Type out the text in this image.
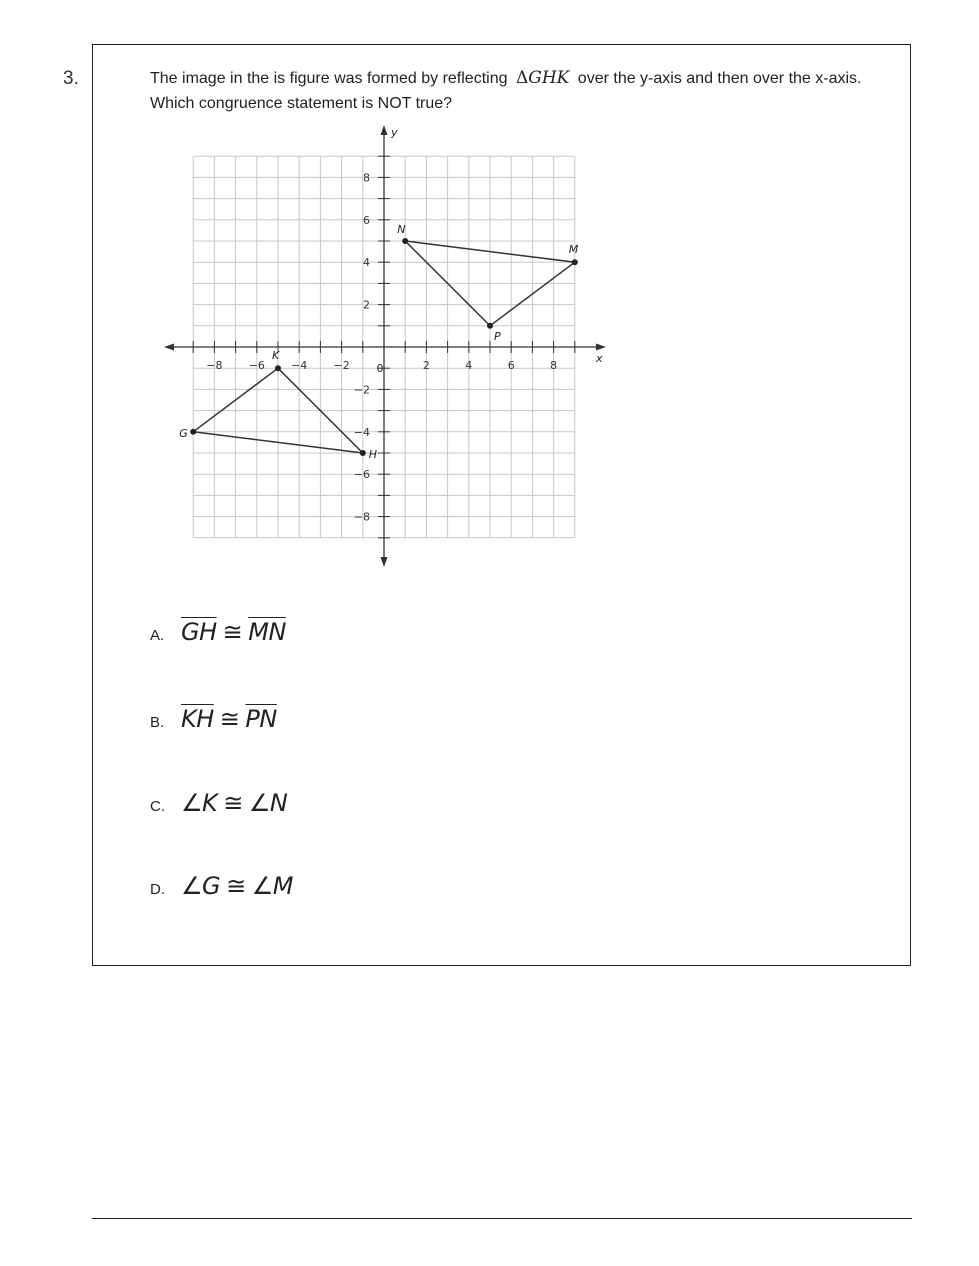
3.	The image in the is figure was formed by reflecting ΔGHK over the y-axis and then over the x-axis. Which congruence statement is NOT true?
x
y
0
−8 −6 −4 −2	2	4	6	8
8
6
4
2
−2
−4
−6
−8
G
H
K
N
M
P
A. $\overline{GH}$ ≅ $\overline{MN}$
B. $\overline{KH}$ ≅ $\overline{PN}$
C. ∠K ≅ ∠N
D. ∠G ≅ ∠M
